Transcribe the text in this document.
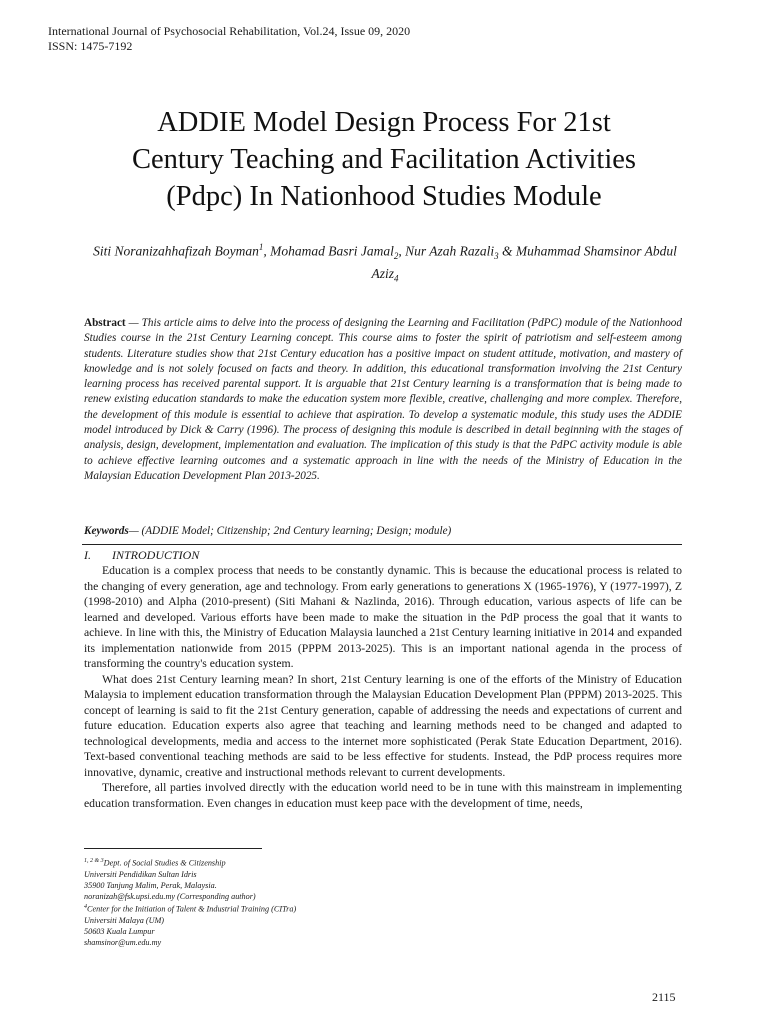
International Journal of Psychosocial Rehabilitation, Vol.24, Issue 09, 2020
ISSN: 1475-7192
ADDIE Model Design Process For 21st
Century Teaching and Facilitation Activities
(Pdpc) In Nationhood Studies Module
Siti Noranizahhafizah Boyman$^1$, Mohamad Basri Jamal$_2$, Nur Azah Razali$_3$ & Muhammad Shamsinor Abdul Aziz$_4$
Abstract — This article aims to delve into the process of designing the Learning and Facilitation (PdPC) module of the Nationhood Studies course in the 21st Century Learning concept. This course aims to foster the spirit of patriotism and self-esteem among students. Literature studies show that 21st Century education has a positive impact on student attitude, motivation, and mastery of knowledge and is not solely focused on facts and theory. In addition, this educational transformation involving the 21st Century learning process has received parental support. It is arguable that 21st Century learning is a transformation that is being made to renew existing education standards to make the education system more flexible, creative, challenging and more complex. Therefore, the development of this module is essential to achieve that aspiration. To develop a systematic module, this study uses the ADDIE model introduced by Dick & Carry (1996). The process of designing this module is described in detail beginning with the stages of analysis, design, development, implementation and evaluation. The implication of this study is that the PdPC activity module is able to achieve effective learning outcomes and a systematic approach in line with the needs of the Ministry of Education in the Malaysian Education Development Plan 2013-2025.
Keywords— (ADDIE Model; Citizenship; 2nd Century learning; Design; module)
I. INTRODUCTION

Education is a complex process that needs to be constantly dynamic. This is because the educational process is related to the changing of every generation, age and technology. From early generations to generations X (1965-1976), Y (1977-1997), Z (1998-2010) and Alpha (2010-present) (Siti Mahani & Nazlinda, 2016). Through education, various aspects of life can be learned and developed. Various efforts have been made to make the situation in the PdP process the goal that it wants to achieve. In line with this, the Ministry of Education Malaysia launched a 21st Century learning initiative in 2014 and expanded its implementation nationwide from 2015 (PPPM 2013-2025). This is an important national agenda in the process of transforming the country's education system.

What does 21st Century learning mean? In short, 21st Century learning is one of the efforts of the Ministry of Education Malaysia to implement education transformation through the Malaysian Education Development Plan (PPPM) 2013-2025. This concept of learning is said to fit the 21st Century generation, capable of addressing the needs and expectations of current and future education. Education experts also agree that teaching and learning methods need to be changed and adapted to technological developments, media and access to the internet more sophisticated (Perak State Education Department, 2016). Text-based conventional teaching methods are said to be less effective for students. Instead, the PdP process requires more innovative, dynamic, creative and instructional methods relevant to current developments.

Therefore, all parties involved directly with the education world need to be in tune with this mainstream in implementing education transformation. Even changes in education must keep pace with the development of time, needs,

$^{1, 2 \& 3}$Dept. of Social Studies & Citizenship
Universiti Pendidikan Sultan Idris
35900 Tanjung Malim, Perak, Malaysia.
noranizah@fsk.upsi.edu.my (Corresponding author)
$^4$Center for the Initiation of Talent & Industrial Training (CITra)
Universiti Malaya (UM)
50603 Kuala Lumpur
shamsinor@um.edu.my
2115
